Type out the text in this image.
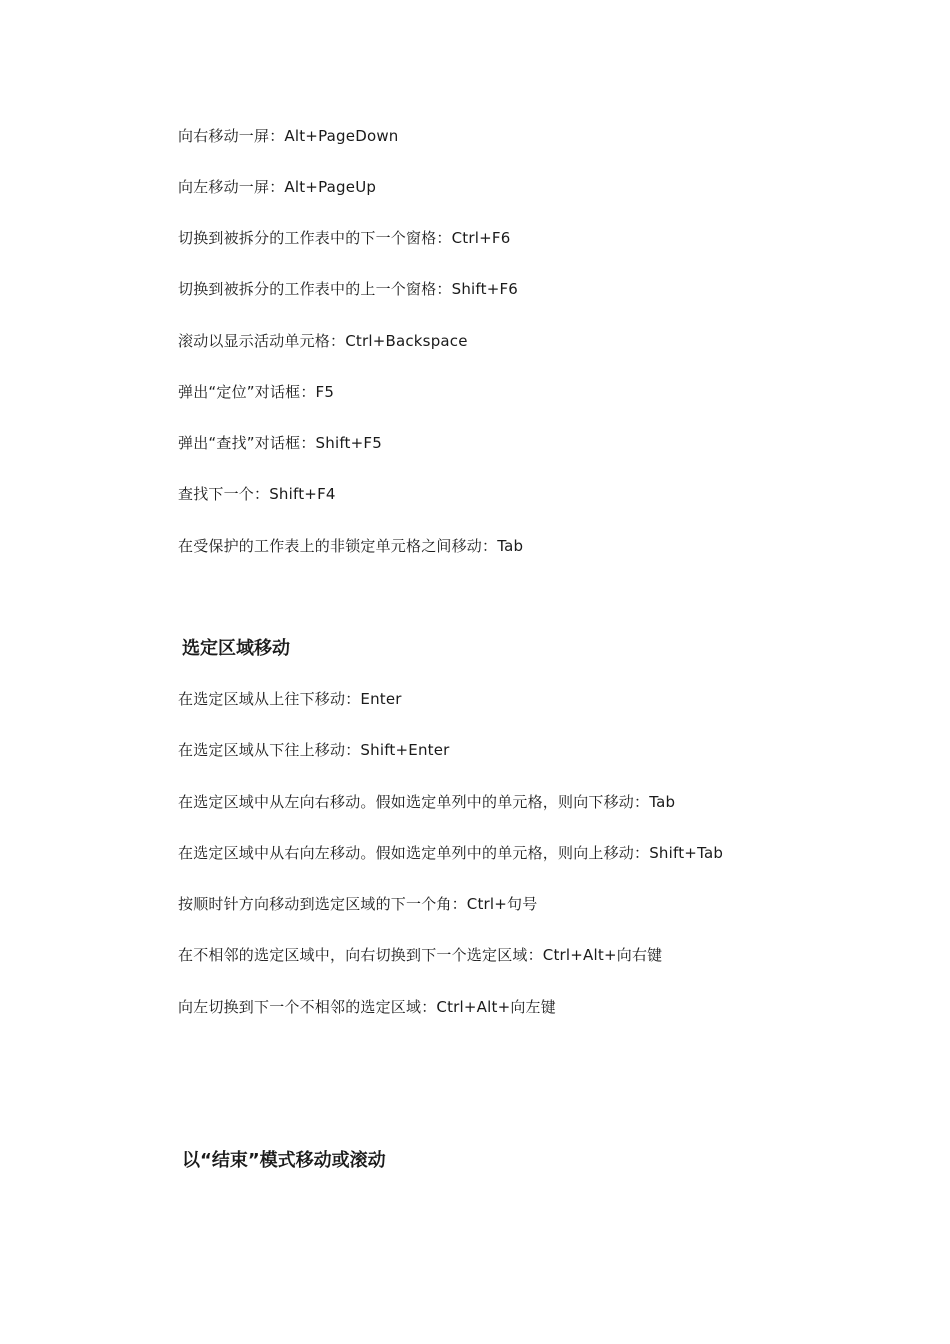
向右移动一屏：Alt+PageDown
向左移动一屏：Alt+PageUp
切换到被拆分的工作表中的下一个窗格：Ctrl+F6
切换到被拆分的工作表中的上一个窗格：Shift+F6
滚动以显示活动单元格：Ctrl+Backspace
弹出“定位”对话框：F5
弹出“查找”对话框：Shift+F5
查找下一个：Shift+F4
在受保护的工作表上的非锁定单元格之间移动：Tab
选定区域移动
在选定区域从上往下移动：Enter
在选定区域从下往上移动：Shift+Enter
在选定区域中从左向右移动。假如选定单列中的单元格，则向下移动：Tab
在选定区域中从右向左移动。假如选定单列中的单元格，则向上移动：Shift+Tab
按顺时针方向移动到选定区域的下一个角：Ctrl+句号
在不相邻的选定区域中，向右切换到下一个选定区域：Ctrl+Alt+向右键
向左切换到下一个不相邻的选定区域：Ctrl+Alt+向左键
以“结束”模式移动或滚动
